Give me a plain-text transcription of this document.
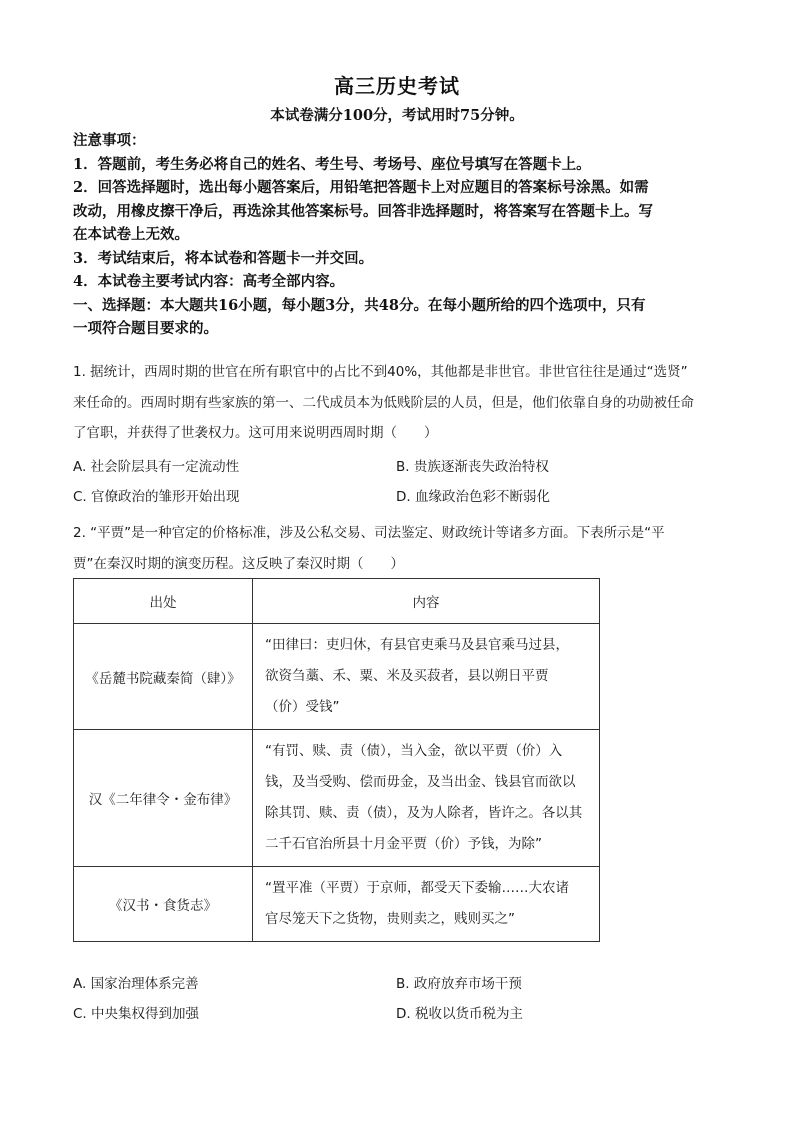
高三历史考试
本试卷满分100分，考试用时75分钟。
注意事项：
1．答题前，考生务必将自己的姓名、考生号、考场号、座位号填写在答题卡上。
2．回答选择题时，选出每小题答案后，用铅笔把答题卡上对应题目的答案标号涂黑。如需
改动，用橡皮擦干净后，再选涂其他答案标号。回答非选择题时，将答案写在答题卡上。写
在本试卷上无效。
3．考试结束后，将本试卷和答题卡一并交回。
4．本试卷主要考试内容：高考全部内容。
一、选择题：本大题共16小题，每小题3分，共48分。在每小题所给的四个选项中，只有
一项符合题目要求的。
1. 据统计，西周时期的世官在所有职官中的占比不到40%，其他都是非世官。非世官往往是通过“选贤”
来任命的。西周时期有些家族的第一、二代成员本为低贱阶层的人员，但是，他们依靠自身的功勋被任命
了官职，并获得了世袭权力。这可用来说明西周时期（　　）
A. 社会阶层具有一定流动性	B. 贵族逐渐丧失政治特权
C. 官僚政治的雏形开始出现	D. 血缘政治色彩不断弱化
2. “平贾”是一种官定的价格标准，涉及公私交易、司法鉴定、财政统计等诸多方面。下表所示是“平
贾”在秦汉时期的演变历程。这反映了秦汉时期（　　）
出处	内容
《岳麓书院藏秦简（肆）》	“田律曰：吏归休，有县官吏乘马及县官乘马过县，
欲资刍藁、禾、粟、米及买菽者，县以朔日平贾
（价）受钱”

汉《二年律令・金布律》	“有罚、赎、责（债），当入金，欲以平贾（价）入
钱，及当受购、偿而毋金，及当出金、钱县官而欲以
除其罚、赎、责（债），及为人除者，皆许之。各以其
二千石官治所县十月金平贾（价）予钱，为除”

《汉书・食货志》	“置平准（平贾）于京师，都受天下委输……大农诸
官尽笼天下之货物，贵则卖之，贱则买之”
A. 国家治理体系完善	B. 政府放弃市场干预
C. 中央集权得到加强	D. 税收以货币税为主
